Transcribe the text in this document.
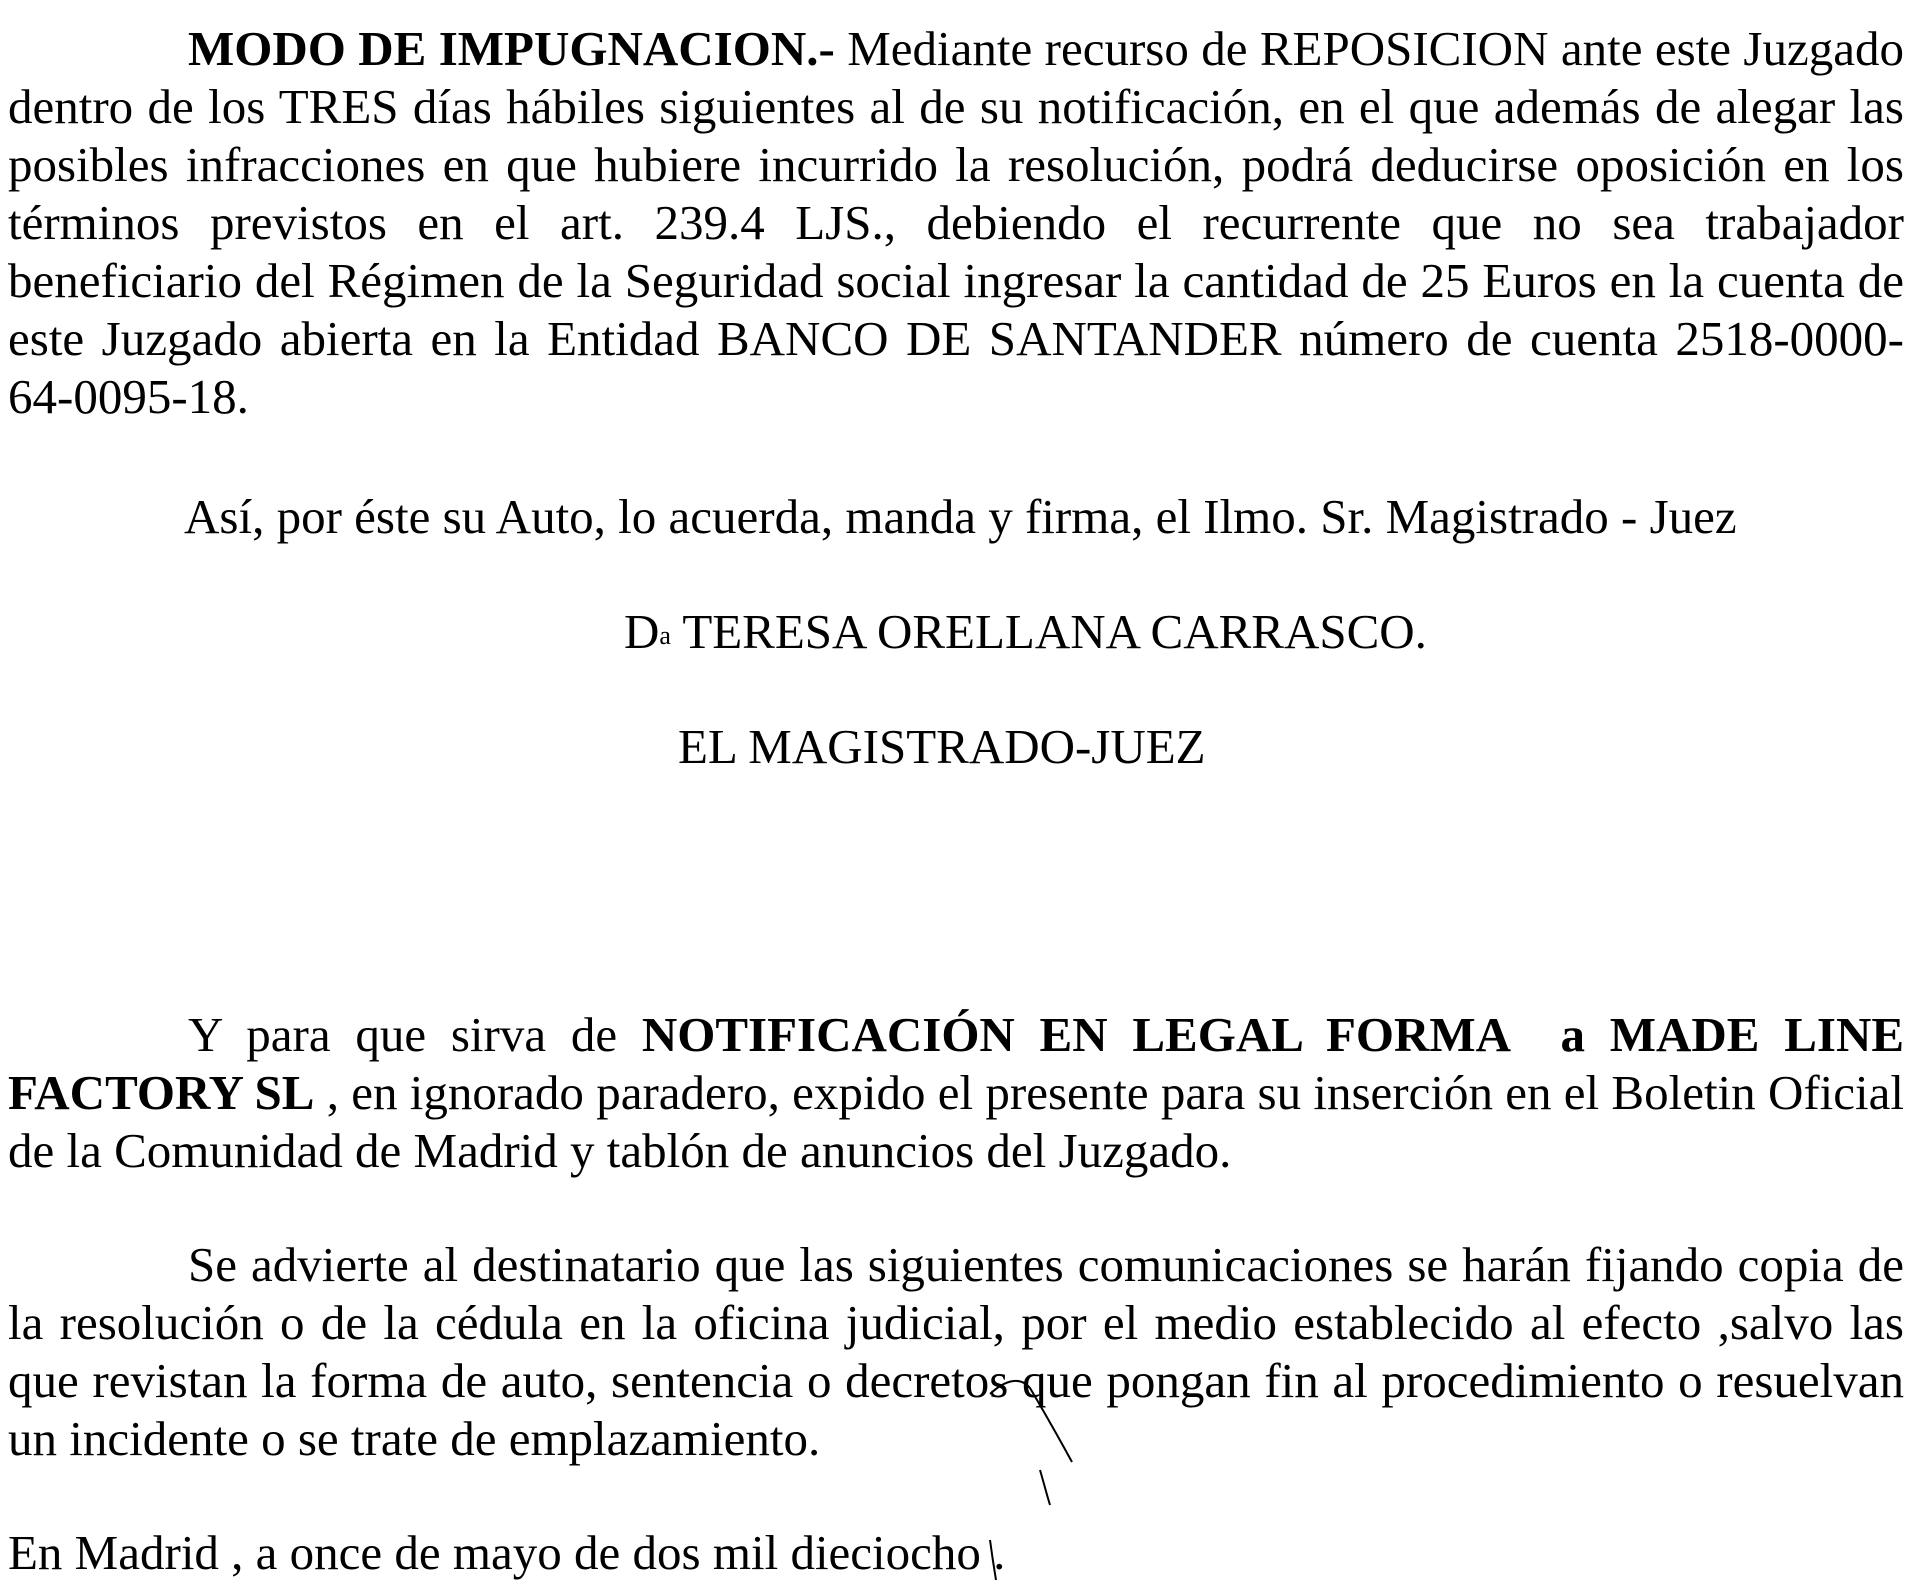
MODO DE IMPUGNACION.- Mediante recurso de REPOSICION ante este Juzgado dentro de los TRES días hábiles siguientes al de su notificación, en el que además de alegar las posibles infracciones en que hubiere incurrido la resolución, podrá deducirse oposición en los términos previstos en el art. 239.4 LJS., debiendo el recurrente que no sea trabajador beneficiario del Régimen de la Seguridad social ingresar la cantidad de 25 Euros en la cuenta de este Juzgado abierta en la Entidad BANCO DE SANTANDER número de cuenta 2518-0000-64-0095-18.

Así, por éste su Auto, lo acuerda, manda y firma, el Ilmo. Sr. Magistrado - Juez

$D^a$ TERESA ORELLANA CARRASCO.

EL MAGISTRADO-JUEZ

Y para que sirva de NOTIFICACIÓN EN LEGAL FORMA a MADE LINE FACTORY SL , en ignorado paradero, expido el presente para su inserción en el Boletin Oficial de la Comunidad de Madrid y tablón de anuncios del Juzgado.

Se advierte al destinatario que las siguientes comunicaciones se harán fijando copia de la resolución o de la cédula en la oficina judicial, por el medio establecido al efecto ,salvo las que revistan la forma de auto, sentencia o decretos que pongan fin al procedimiento o resuelvan un incidente o se trate de emplazamiento.

En Madrid , a once de mayo de dos mil dieciocho .
